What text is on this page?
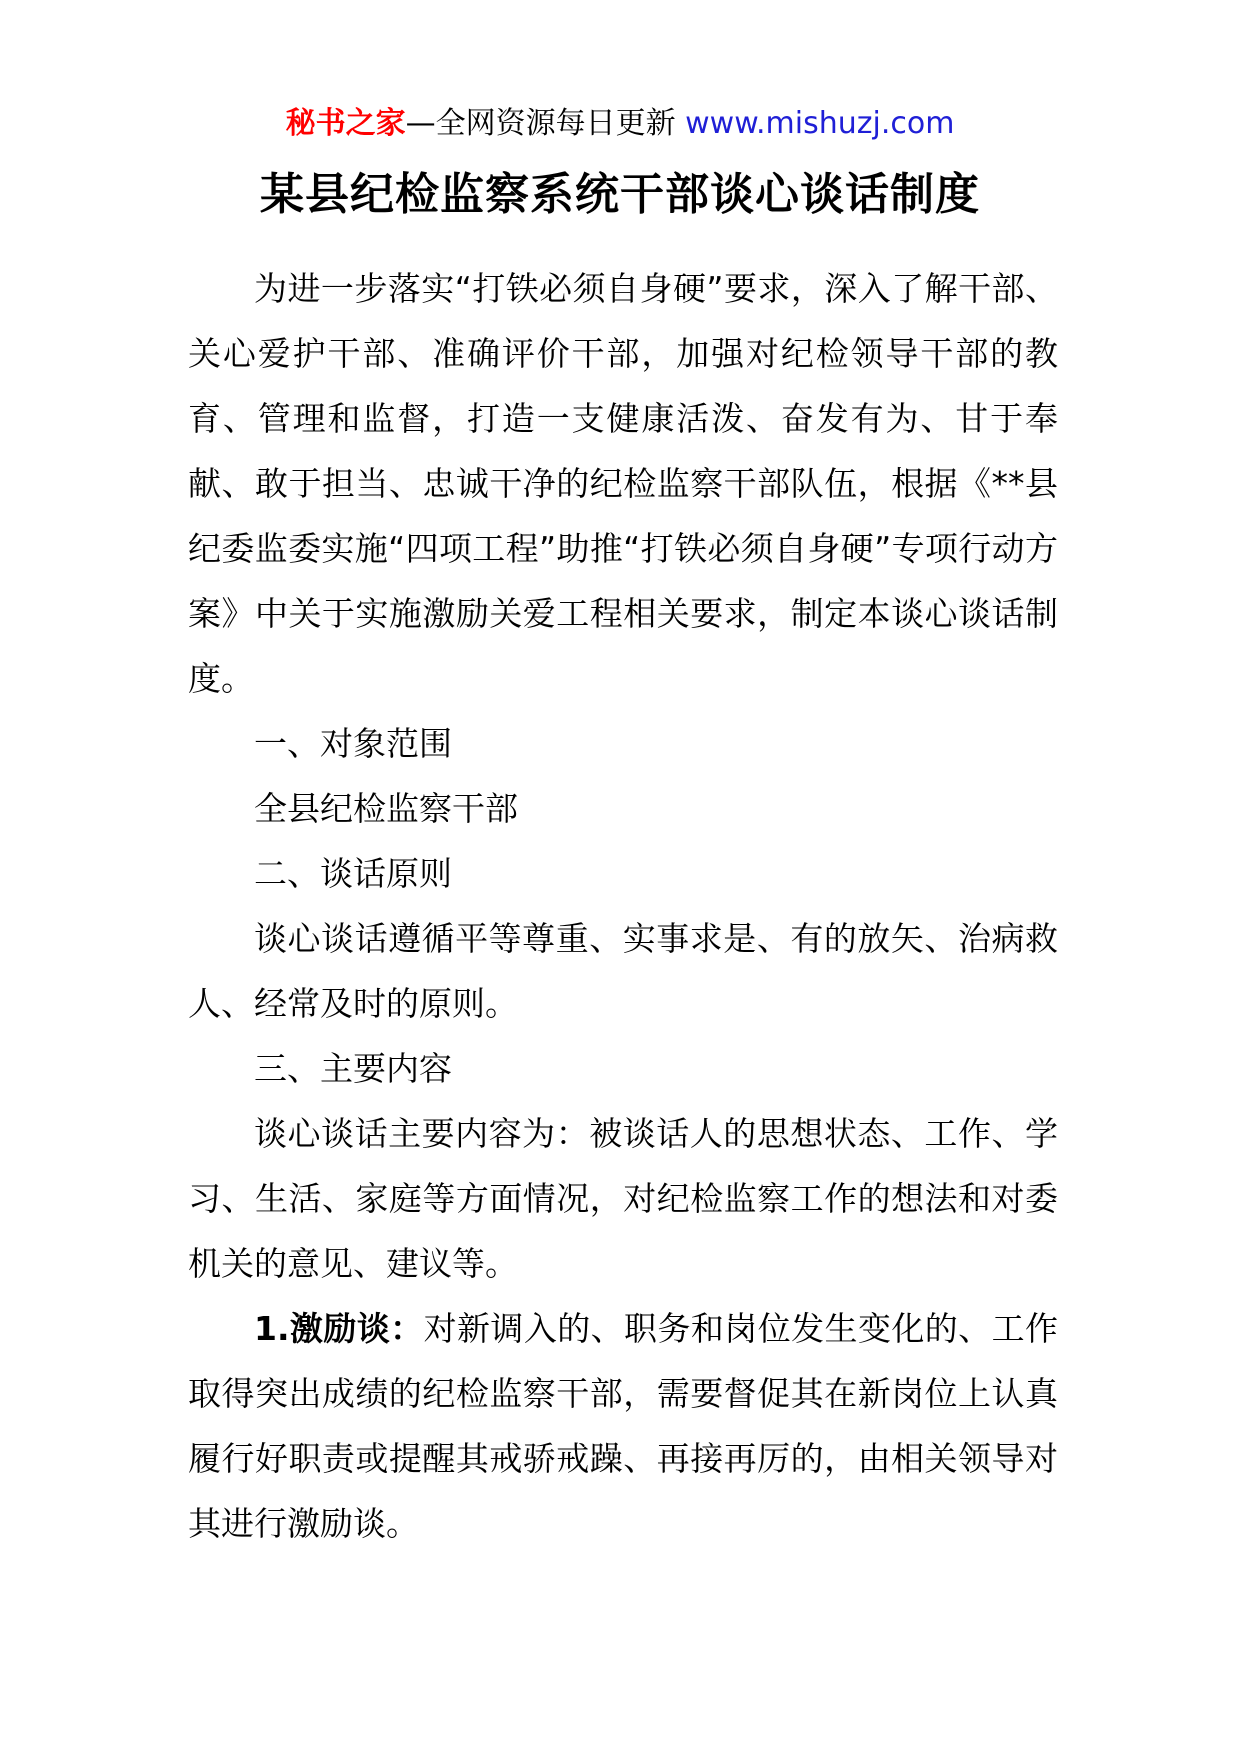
秘书之家—全网资源每日更新 www.mishuzj.com
某县纪检监察系统干部谈心谈话制度

为进一步落实“打铁必须自身硬”要求，深入了解干部、关心爱护干部、准确评价干部，加强对纪检领导干部的教育、管理和监督，打造一支健康活泼、奋发有为、甘于奉献、敢于担当、忠诚干净的纪检监察干部队伍，根据《**县纪委监委实施“四项工程”助推“打铁必须自身硬”专项行动方案》中关于实施激励关爱工程相关要求，制定本谈心谈话制度。

一、对象范围

全县纪检监察干部

二、谈话原则

谈心谈话遵循平等尊重、实事求是、有的放矢、治病救人、经常及时的原则。

三、主要内容

谈心谈话主要内容为：被谈话人的思想状态、工作、学习、生活、家庭等方面情况，对纪检监察工作的想法和对委机关的意见、建议等。

1.激励谈：对新调入的、职务和岗位发生变化的、工作取得突出成绩的纪检监察干部，需要督促其在新岗位上认真履行好职责或提醒其戒骄戒躁、再接再厉的，由相关领导对其进行激励谈。
